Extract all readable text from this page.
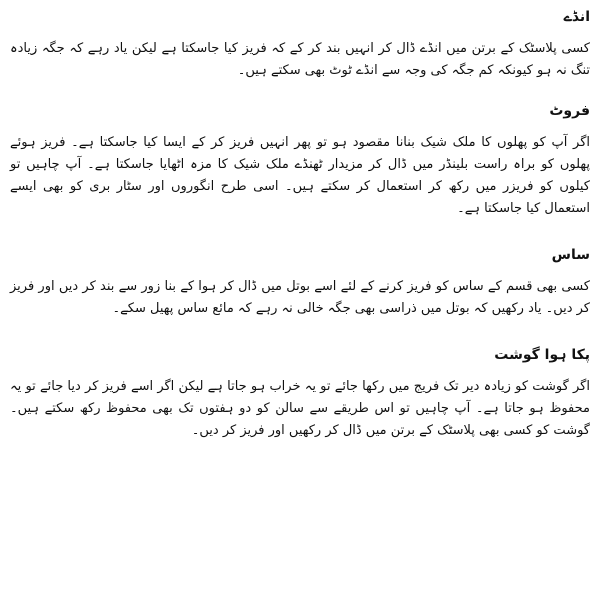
انڈے
کسی پلاسٹک کے برتن میں انڈے ڈال کر انہیں بند کر کے کہ فریز کیا جاسکتا ہے لیکن یاد رہے کہ جگہ زیادہ تنگ نہ ہو کیونکہ کم جگہ کی وجہ سے انڈے ٹوٹ بھی سکتے ہیں۔
فروٹ
اگر آپ کو پھلوں کا ملک شیک بنانا مقصود ہو تو پھر انہیں فریز کر کے ایسا کیا جاسکتا ہے۔ فریز ہوئے پھلوں کو براہ راست بلینڈر میں ڈال کر مزیدار ٹھنڈے ملک شیک کا مزہ اٹھایا جاسکتا ہے۔ آپ چاہیں تو کیلوں کو فریزر میں رکھ کر استعمال کر سکتے ہیں۔ اسی طرح انگوروں اور سٹار بری کو بھی ایسے استعمال کیا جاسکتا ہے۔
ساس
کسی بھی قسم کے ساس کو فریز کرنے کے لئے اسے بوتل میں ڈال کر ہوا کے بنا زور سے بند کر دیں اور فریز کر دیں۔ یاد رکھیں کہ بوتل میں ذراسی بھی جگہ خالی نہ رہے کہ مائع ساس پھیل سکے۔
پکا ہوا گوشت
اگر گوشت کو زیادہ دیر تک فریج میں رکھا جائے تو یہ خراب ہو جاتا ہے لیکن اگر اسے فریز کر دیا جائے تو یہ محفوظ ہو جاتا ہے۔ آپ چاہیں تو اس طریقے سے سالن کو دو ہفتوں تک بھی محفوظ رکھ سکتے ہیں۔ گوشت کو کسی بھی پلاسٹک کے برتن میں ڈال کر رکھیں اور فریز کر دیں۔
